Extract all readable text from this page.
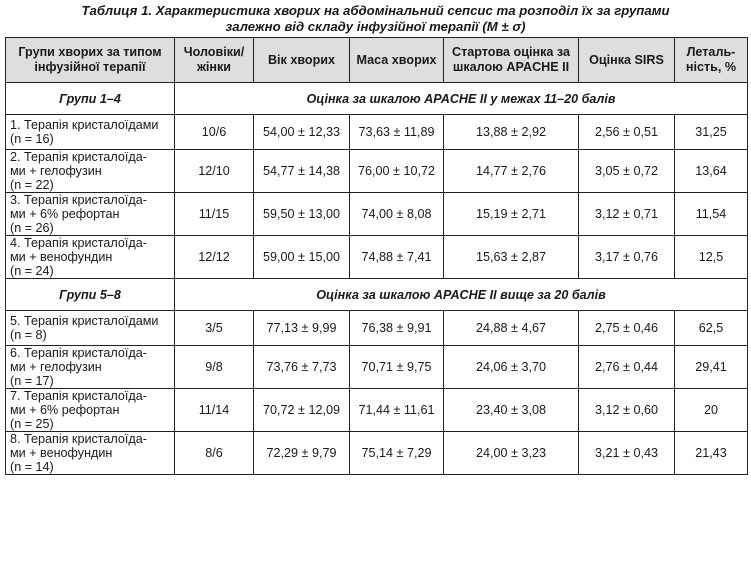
Таблиця 1. Характеристика хворих на абдомінальний сепсис та розподіл їх за групами
залежно від складу інфузійної терапії (M ± σ)
Групи хворих за типом
інфузійної терапії	Чоловіки/
жінки	Вік хворих	Маса хворих	Стартова оцінка за
шкалою APACHE II	Оцінка SIRS	Леталь-
ність, %
Групи 1–4	Оцінка за шкалою APACHE II у межах 11–20 балів					
1. Терапія кристалоїдами
(n = 16)	10/6	54,00 ± 12,33	73,63 ± 11,89	13,88 ± 2,92	2,56 ± 0,51	31,25
2. Терапія кристалоїда-
ми + гелофузин
(n = 22)	12/10	54,77 ± 14,38	76,00 ± 10,72	14,77 ± 2,76	3,05 ± 0,72	13,64
3. Терапія кристалоїда-
ми + 6% рефортан
(n = 26)	11/15	59,50 ± 13,00	74,00 ± 8,08	15,19 ± 2,71	3,12 ± 0,71	11,54
4. Терапія кристалоїда-
ми + венофундин
(n = 24)	12/12	59,00 ± 15,00	74,88 ± 7,41	15,63 ± 2,87	3,17 ± 0,76	12,5
Групи 5–8	Оцінка за шкалою APACHE II вище за 20 балів					
5. Терапія кристалоїдами
(n = 8)	3/5	77,13 ± 9,99	76,38 ± 9,91	24,88 ± 4,67	2,75 ± 0,46	62,5
6. Терапія кристалоїда-
ми + гелофузин
(n = 17)	9/8	73,76 ± 7,73	70,71 ± 9,75	24,06 ± 3,70	2,76 ± 0,44	29,41
7. Терапія кристалоїда-
ми + 6% рефортан
(n = 25)	11/14	70,72 ± 12,09	71,44 ± 11,61	23,40 ± 3,08	3,12 ± 0,60	20
8. Терапія кристалоїда-
ми + венофундин
(n = 14)	8/6	72,29 ± 9,79	75,14 ± 7,29	24,00 ± 3,23	3,21 ± 0,43	21,43
